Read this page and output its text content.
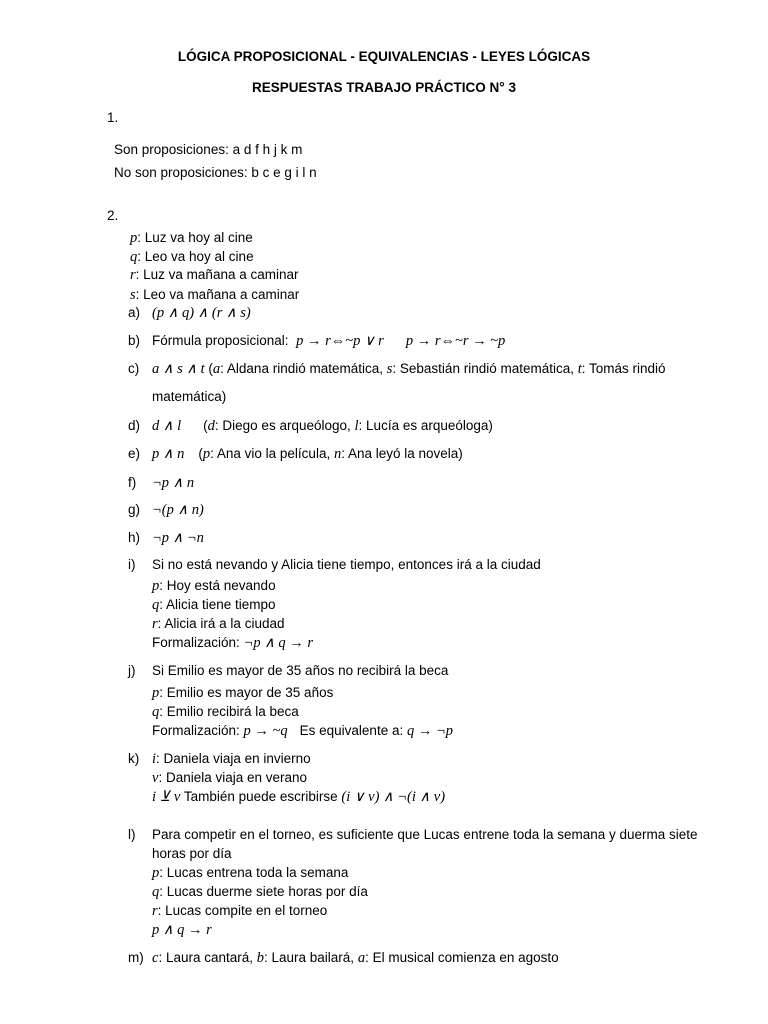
LÓGICA PROPOSICIONAL - EQUIVALENCIAS - LEYES LÓGICAS
RESPUESTAS TRABAJO PRÁCTICO N° 3
1.
Son proposiciones: a d f h j k m
No son proposiciones: b c e g i l n
2.
p: Luz va hoy al cine
q: Leo va hoy al cine
r: Luz va mañana a caminar
s: Leo va mañana a caminar
a) (p ∧ q) ∧ (r ∧ s)
b) Fórmula proposicional: p → r⇔~p ∨ r p → r⇔~r → ~p
c) a ∧ s ∧ t (a: Aldana rindió matemática, s: Sebastián rindió matemática, t: Tomás rindió
matemática)
d) d ∧ l (d: Diego es arqueólogo, l: Lucía es arqueóloga)
e) p ∧ n (p: Ana vio la película, n: Ana leyó la novela)
f) ¬p ∧ n
g) ¬(p ∧ n)
h) ¬p ∧ ¬n
i) Si no está nevando y Alicia tiene tiempo, entonces irá a la ciudad
p: Hoy está nevando
q: Alicia tiene tiempo
r: Alicia irá a la ciudad
Formalización: ¬p ∧ q → r
j) Si Emilio es mayor de 35 años no recibirá la beca
p: Emilio es mayor de 35 años
q: Emilio recibirá la beca
Formalización: p → ~q Es equivalente a: q → ¬p
k) i: Daniela viaja en invierno
v: Daniela viaja en verano
i ⊻ v También puede escribirse (i ∨ v) ∧ ¬(i ∧ v)
l) Para competir en el torneo, es suficiente que Lucas entrene toda la semana y duerma siete
horas por día
p: Lucas entrena toda la semana
q: Lucas duerme siete horas por día
r: Lucas compite en el torneo
p ∧ q → r
m) c: Laura cantará, b: Laura bailará, a: El musical comienza en agosto
